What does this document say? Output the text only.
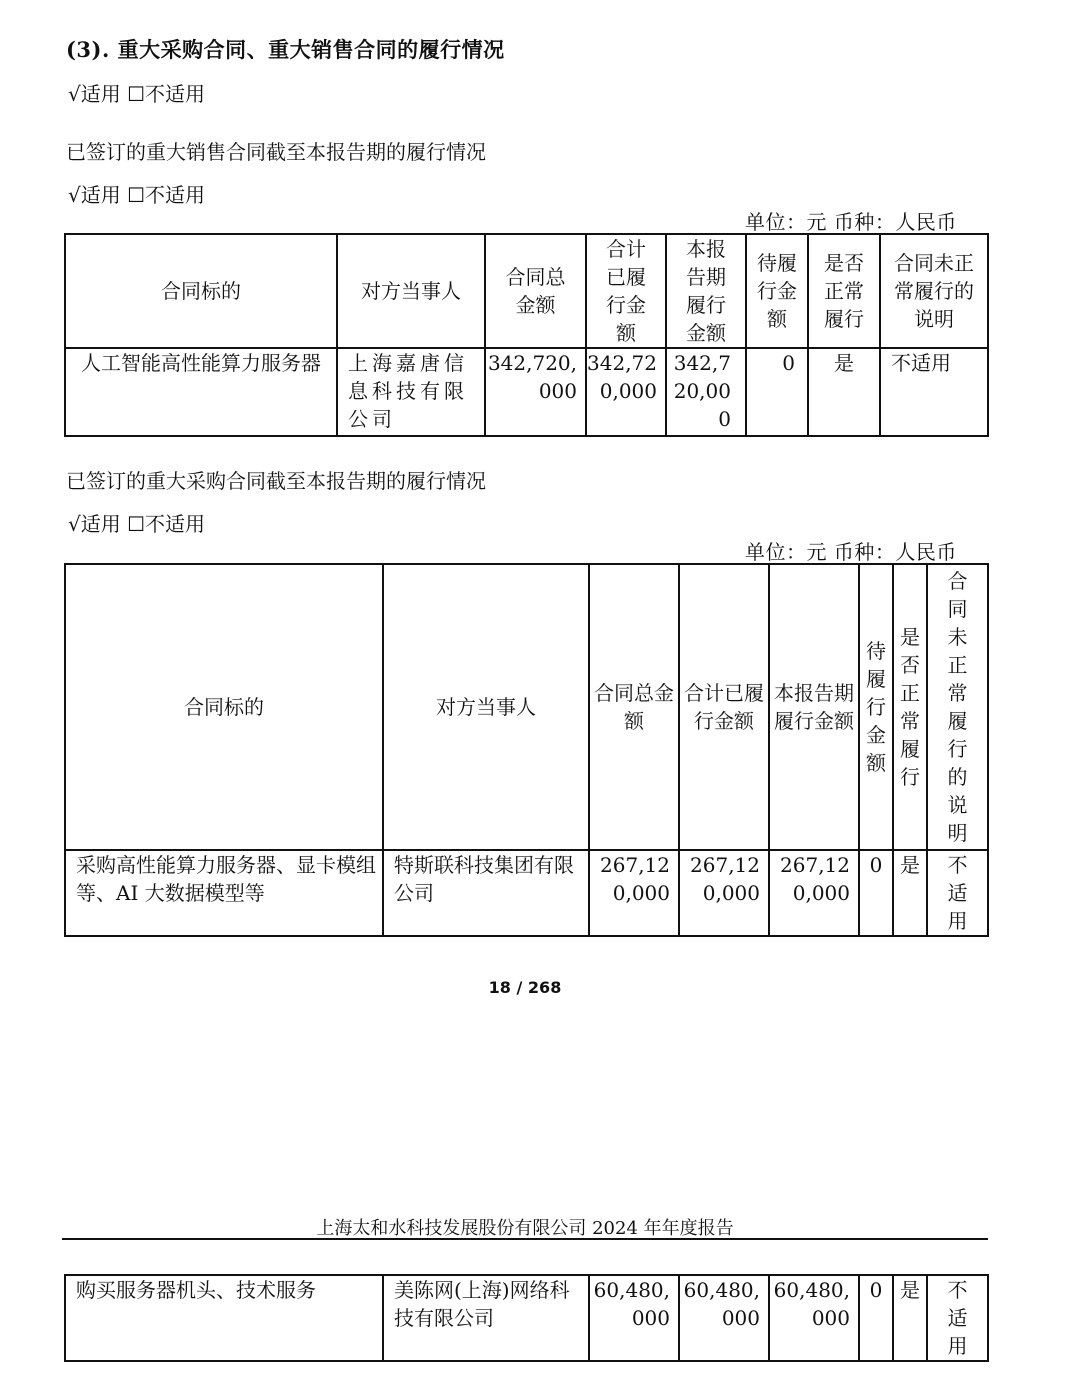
(3). 重大采购合同、重大销售合同的履行情况
√适用 ☐不适用
已签订的重大销售合同截至本报告期的履行情况
√适用 ☐不适用
单位：元 币种：人民币
合同标的	对方当事人	合同总金额	合计已履行金额	本报告期履行金额	待履行金额	是否正常履行	合同未正常履行的说明
人工智能高性能算力服务器	上海嘉唐信息科技有限公司	342,720,000	342,720,000	342,720,000	0	是	不适用
已签订的重大采购合同截至本报告期的履行情况
√适用 ☐不适用
单位：元 币种：人民币
合同标的	对方当事人	合同总金额	合计已履行金额	本报告期履行金额	待履行金额	是否正常履行	合同未正常履行的说明
采购高性能算力服务器、显卡模组等、AI 大数据模型等	特斯联科技集团有限公司	267,120,000	267,120,000	267,120,000	0	是	不适用
18 / 268
上海太和水科技发展股份有限公司 2024 年年度报告
购买服务器机头、技术服务	美陈网(上海)网络科技有限公司	60,480,000	60,480,000	60,480,000	0	是	不适用
